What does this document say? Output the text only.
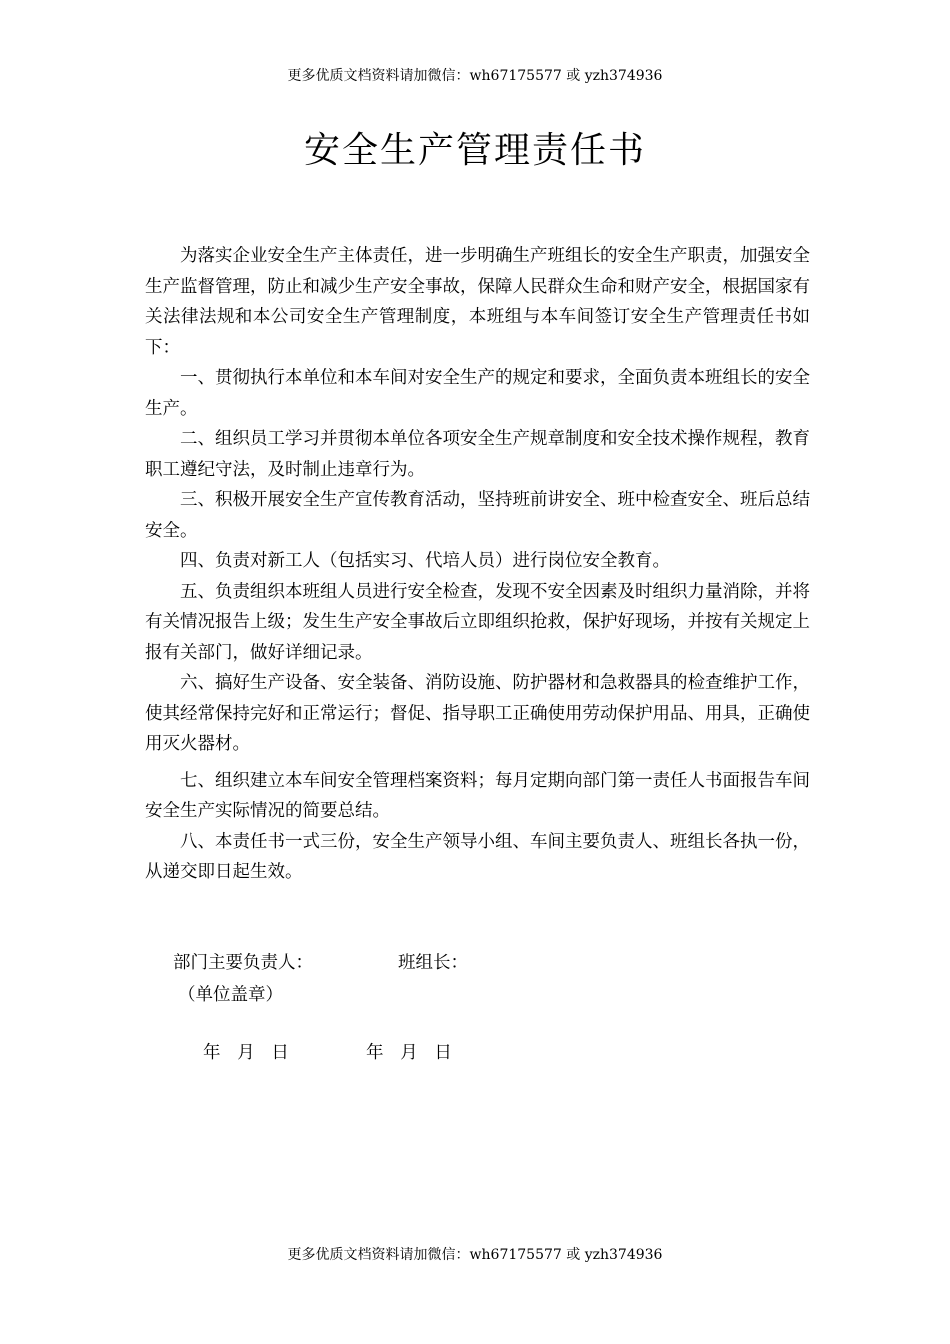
更多优质文档资料请加微信：wh67175577 或 yzh374936
安全生产管理责任书

为落实企业安全生产主体责任，进一步明确生产班组长的安全生产职责，加强安全生产监督管理，防止和减少生产安全事故，保障人民群众生命和财产安全，根据国家有关法律法规和本公司安全生产管理制度，本班组与本车间签订安全生产管理责任书如下：

一、贯彻执行本单位和本车间对安全生产的规定和要求，全面负责本班组长的安全生产。

二、组织员工学习并贯彻本单位各项安全生产规章制度和安全技术操作规程，教育职工遵纪守法，及时制止违章行为。

三、积极开展安全生产宣传教育活动，坚持班前讲安全、班中检查安全、班后总结安全。

四、负责对新工人（包括实习、代培人员）进行岗位安全教育。

五、负责组织本班组人员进行安全检查，发现不安全因素及时组织力量消除，并将有关情况报告上级；发生生产安全事故后立即组织抢救，保护好现场，并按有关规定上报有关部门，做好详细记录。

六、搞好生产设备、安全装备、消防设施、防护器材和急救器具的检查维护工作，使其经常保持完好和正常运行；督促、指导职工正确使用劳动保护用品、用具，正确使用灭火器材。

七、组织建立本车间安全管理档案资料；每月定期向部门第一责任人书面报告车间安全生产实际情况的简要总结。

八、本责任书一式三份，安全生产领导小组、车间主要负责人、班组长各执一份，从递交即日起生效。

部门主要负责人：
（单位盖章）
班组长：
年   月   日	年   月   日
更多优质文档资料请加微信：wh67175577 或 yzh374936
